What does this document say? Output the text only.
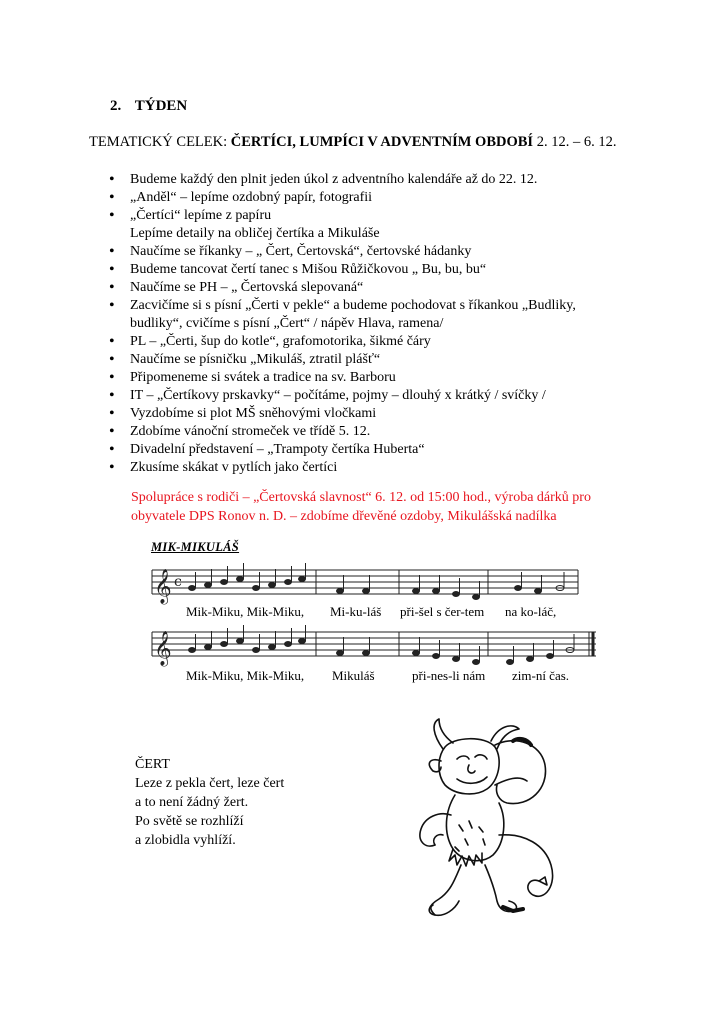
2. TÝDEN
TEMATICKÝ CELEK: ČERTÍCI, LUMPÍCI V ADVENTNÍM OBDOBÍ 2. 12. – 6. 12.
• Budeme každý den plnit jeden úkol z adventního kalendáře až do 22. 12.
• „Anděl“ – lepíme ozdobný papír, fotografii
• „Čertíci“ lepíme z papíru
Lepíme detaily na obličej čertíka a Mikuláše
• Naučíme se říkanky – „ Čert, Čertovská“, čertovské hádanky
• Budeme tancovat čertí tanec s Mišou Růžičkovou „ Bu, bu, bu“
• Naučíme se PH – „ Čertovská slepovaná“
• Zacvičíme si s písní „Čerti v pekle“ a budeme pochodovat s říkankou „Budliky,
budliky“, cvičíme s písní „Čert“ / nápěv Hlava, ramena/
• PL – „Čerti, šup do kotle“, grafomotorika, šikmé čáry
• Naučíme se písničku „Mikuláš, ztratil plášť“
• Připomeneme si svátek a tradice na sv. Barboru
• IT – „Čertíkovy prskavky“ – počítáme, pojmy – dlouhý x krátký / svíčky /
• Vyzdobíme si plot MŠ sněhovými vločkami
• Zdobíme vánoční stromeček ve třídě 5. 12.
• Divadelní představení – „Trampoty čertíka Huberta“
• Zkusíme skákat v pytlích jako čertíci
Spolupráce s rodiči – „Čertovská slavnost“ 6. 12. od 15:00 hod., výroba dárků pro
obyvatele DPS Ronov n. D. – zdobíme dřevěné ozdoby, Mikulášská nadílka
MIK-MIKULÁŠ
𝄞
𝄞
c
Mik-Miku, Mik-Miku, Mi-ku-láš při-šel s čer-tem na ko-láč,
Mik-Miku, Mik-Miku, Mikuláš	při-nes-li nám zim-ní čas.
ČERT
Leze z pekla čert, leze čert
a to není žádný žert.
Po světě se rozhlíží
a zlobidla vyhlíží.
